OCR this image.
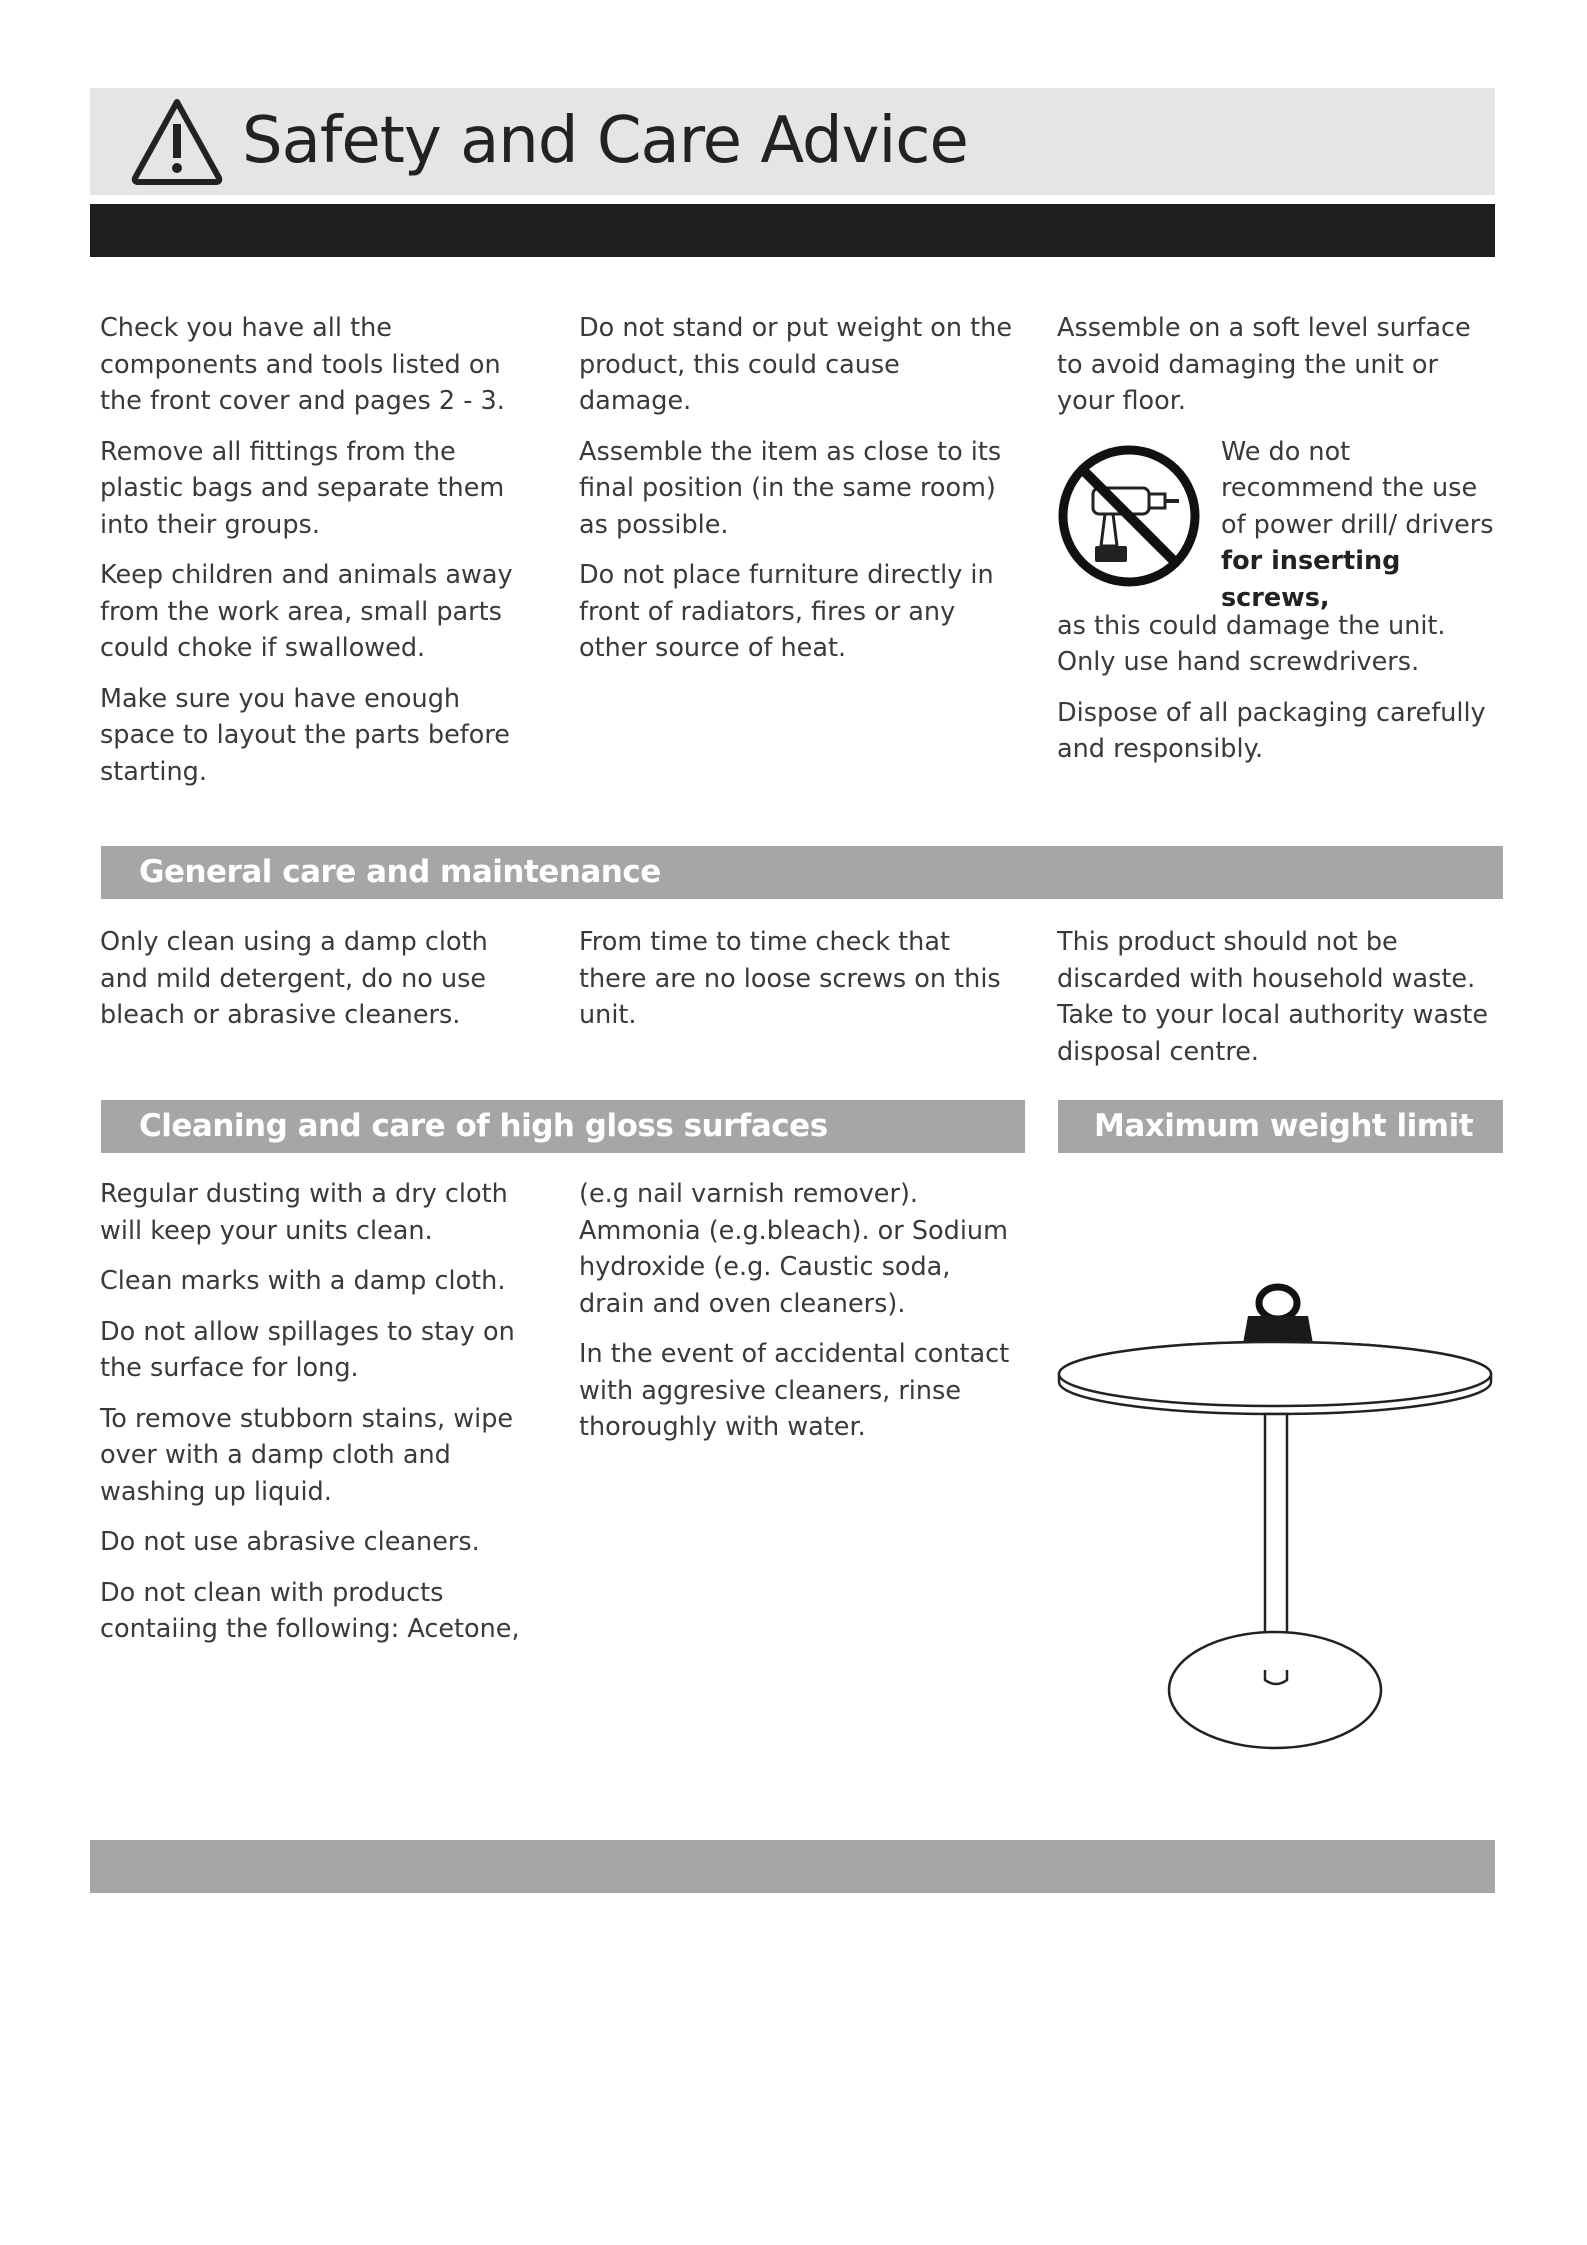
Safety and Care Advice

Check you have all the components and tools listed on the front cover and pages 2 - 3.

Remove all fittings from the plastic bags and separate them into their groups.

Keep children and animals away from the work area, small parts could choke if swallowed.

Make sure you have enough space to layout the parts before starting.

Do not stand or put weight on the product, this could cause damage.

Assemble the item as close to its final position (in the same room) as possible.

Do not place furniture directly in front of radiators, fires or any other source of heat.

Assemble on a soft level surface to avoid damaging the unit or your floor.

We do not recommend the use of power drill/ drivers for inserting screws,

as this could damage the unit. Only use hand screwdrivers.

Dispose of all packaging carefully and responsibly.

General care and maintenance

Only clean using a damp cloth and mild detergent, do no use bleach or abrasive cleaners.

From time to time check that there are no loose screws on this unit.

This product should not be discarded with household waste. Take to your local authority waste disposal centre.

Cleaning and care of high gloss surfaces	Maximum weight limit

Regular dusting with a dry cloth will keep your units clean.

Clean marks with a damp cloth.

Do not allow spillages to stay on the surface for long.

To remove stubborn stains, wipe over with a damp cloth and washing up liquid.

Do not use abrasive cleaners.

Do not clean with products contaiing the following: Acetone,

(e.g nail varnish remover). Ammonia (e.g.bleach). or Sodium hydroxide (e.g. Caustic soda, drain and oven cleaners).

In the event of accidental contact with aggresive cleaners, rinse thoroughly with water.
